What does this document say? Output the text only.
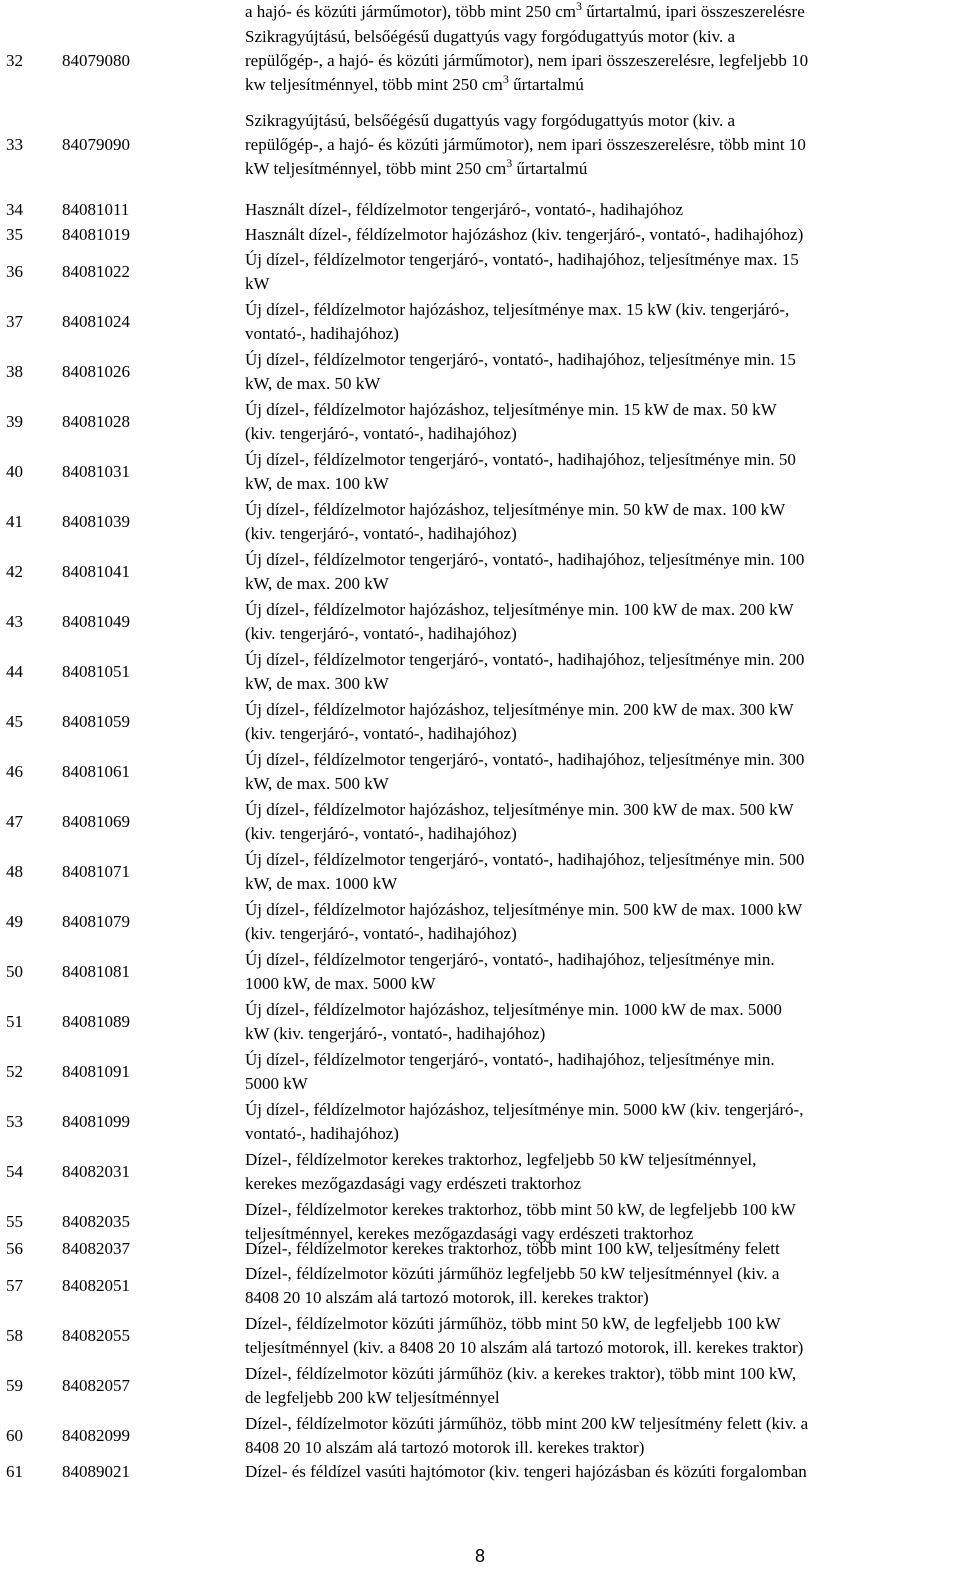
a hajó- és közúti járműmotor), több mint 250 $cm^3$ űrtartalmú, ipari összeszerelésre
32 84079080
Szikragyújtású, belsőégésű dugattyús vagy forgódugattyús motor (kiv. a
repülőgép-, a hajó- és közúti járműmotor), nem ipari összeszerelésre, legfeljebb 10
kw teljesítménnyel, több mint 250 $cm^3$ űrtartalmú
33 84079090
Szikragyújtású, belsőégésű dugattyús vagy forgódugattyús motor (kiv. a
repülőgép-, a hajó- és közúti járműmotor), nem ipari összeszerelésre, több mint 10
kW teljesítménnyel, több mint 250 $cm^3$ űrtartalmú
34 84081011	Használt dízel-, féldízelmotor tengerjáró-, vontató-, hadihajóhoz
35 84081019	Használt dízel-, féldízelmotor hajózáshoz (kiv. tengerjáró-, vontató-, hadihajóhoz)
36 84081022
Új dízel-, féldízelmotor tengerjáró-, vontató-, hadihajóhoz, teljesítménye max. 15
kW
37 84081024
Új dízel-, féldízelmotor hajózáshoz, teljesítménye max. 15 kW (kiv. tengerjáró-,
vontató-, hadihajóhoz)
38 84081026
Új dízel-, féldízelmotor tengerjáró-, vontató-, hadihajóhoz, teljesítménye min. 15
kW, de max. 50 kW
39 84081028
Új dízel-, féldízelmotor hajózáshoz, teljesítménye min. 15 kW de max. 50 kW
(kiv. tengerjáró-, vontató-, hadihajóhoz)
40 84081031
Új dízel-, féldízelmotor tengerjáró-, vontató-, hadihajóhoz, teljesítménye min. 50
kW, de max. 100 kW
41 84081039
Új dízel-, féldízelmotor hajózáshoz, teljesítménye min. 50 kW de max. 100 kW
(kiv. tengerjáró-, vontató-, hadihajóhoz)
42 84081041
Új dízel-, féldízelmotor tengerjáró-, vontató-, hadihajóhoz, teljesítménye min. 100
kW, de max. 200 kW
43 84081049
Új dízel-, féldízelmotor hajózáshoz, teljesítménye min. 100 kW de max. 200 kW
(kiv. tengerjáró-, vontató-, hadihajóhoz)
44 84081051
Új dízel-, féldízelmotor tengerjáró-, vontató-, hadihajóhoz, teljesítménye min. 200
kW, de max. 300 kW
45 84081059
Új dízel-, féldízelmotor hajózáshoz, teljesítménye min. 200 kW de max. 300 kW
(kiv. tengerjáró-, vontató-, hadihajóhoz)
46 84081061
Új dízel-, féldízelmotor tengerjáró-, vontató-, hadihajóhoz, teljesítménye min. 300
kW, de max. 500 kW
47 84081069
Új dízel-, féldízelmotor hajózáshoz, teljesítménye min. 300 kW de max. 500 kW
(kiv. tengerjáró-, vontató-, hadihajóhoz)
48 84081071
Új dízel-, féldízelmotor tengerjáró-, vontató-, hadihajóhoz, teljesítménye min. 500
kW, de max. 1000 kW
49 84081079
Új dízel-, féldízelmotor hajózáshoz, teljesítménye min. 500 kW de max. 1000 kW
(kiv. tengerjáró-, vontató-, hadihajóhoz)
50 84081081
Új dízel-, féldízelmotor tengerjáró-, vontató-, hadihajóhoz, teljesítménye min.
1000 kW, de max. 5000 kW
51 84081089
Új dízel-, féldízelmotor hajózáshoz, teljesítménye min. 1000 kW de max. 5000
kW (kiv. tengerjáró-, vontató-, hadihajóhoz)
52 84081091
Új dízel-, féldízelmotor tengerjáró-, vontató-, hadihajóhoz, teljesítménye min.
5000 kW
53 84081099
Új dízel-, féldízelmotor hajózáshoz, teljesítménye min. 5000 kW (kiv. tengerjáró-,
vontató-, hadihajóhoz)
54 84082031
Dízel-, féldízelmotor kerekes traktorhoz, legfeljebb 50 kW teljesítménnyel,
kerekes mezőgazdasági vagy erdészeti traktorhoz
55 84082035
Dízel-, féldízelmotor kerekes traktorhoz, több mint 50 kW, de legfeljebb 100 kW
teljesítménnyel, kerekes mezőgazdasági vagy erdészeti traktorhoz
56 84082037	Dízel-, féldízelmotor kerekes traktorhoz, több mint 100 kW, teljesítmény felett
57 84082051
Dízel-, féldízelmotor közúti járműhöz legfeljebb 50 kW teljesítménnyel (kiv. a
8408 20 10 alszám alá tartozó motorok, ill. kerekes traktor)
58 84082055
Dízel-, féldízelmotor közúti járműhöz, több mint 50 kW, de legfeljebb 100 kW
teljesítménnyel (kiv. a 8408 20 10 alszám alá tartozó motorok, ill. kerekes traktor)
59 84082057
Dízel-, féldízelmotor közúti járműhöz (kiv. a kerekes traktor), több mint 100 kW,
de legfeljebb 200 kW teljesítménnyel
60 84082099
Dízel-, féldízelmotor közúti járműhöz, több mint 200 kW teljesítmény felett (kiv. a
8408 20 10 alszám alá tartozó motorok ill. kerekes traktor)
61 84089021	Dízel- és féldízel vasúti hajtómotor (kiv. tengeri hajózásban és közúti forgalomban
8
